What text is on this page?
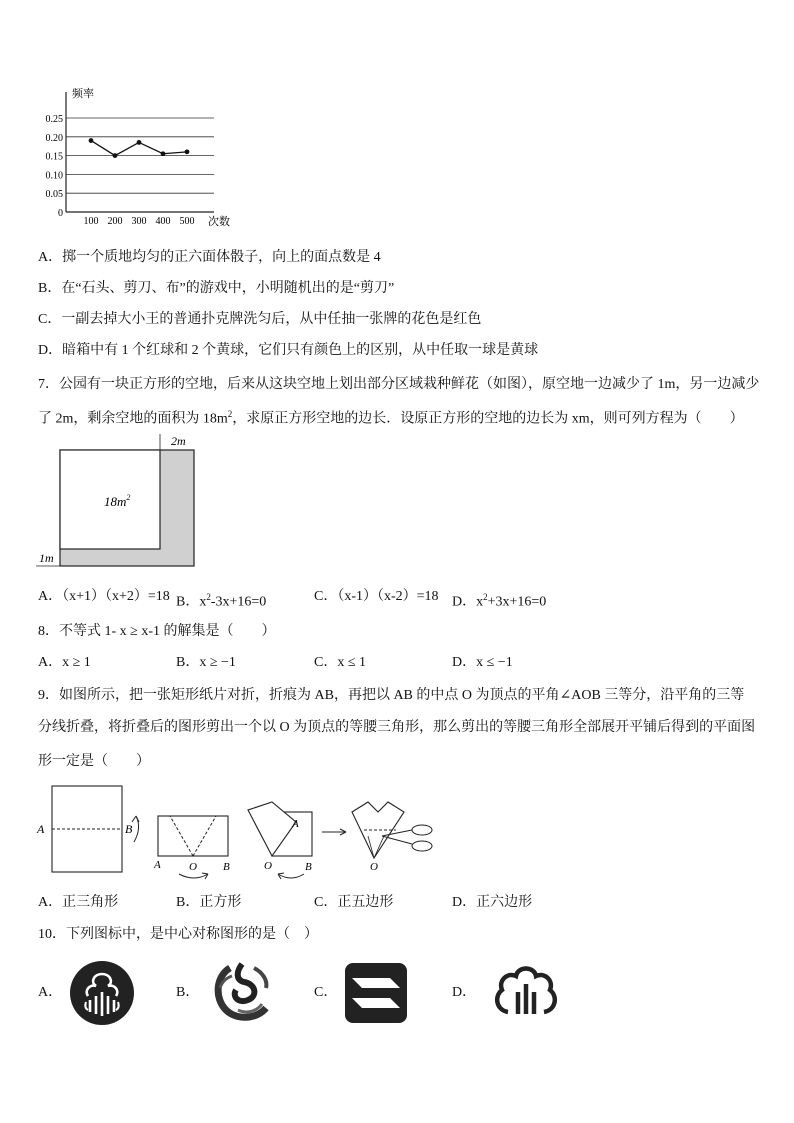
0.25
0.20
0.15
0.10
0.05
0
100 200 300 400 500
频率
次数
A．掷一个质地均匀的正六面体骰子，向上的面点数是 4
B．在“石头、剪刀、布”的游戏中，小明随机出的是“剪刀”
C．一副去掉大小王的普通扑克牌洗匀后，从中任抽一张牌的花色是红色
D．暗箱中有 1 个红球和 2 个黄球，它们只有颜色上的区别，从中任取一球是黄球
7．公园有一块正方形的空地，后来从这块空地上划出部分区域栽种鲜花（如图），原空地一边减少了 1m，另一边减少
了 2m，剩余空地的面积为 $18m^2$，求原正方形空地的边长．设原正方形的空地的边长为 xm，则可列方程为（　　）
$18m^2$
2m
1m
A．（x+1）（x+2）=18 B．$x^2-3x+16=0$	C．（x-1）（x-2）=18 D．$x^2+3x+16=0$
8．不等式 1- x ≥ x-1 的解集是（　　）
A．x ≥ 1	B．x ≥ −1	C．x ≤ 1	D．x ≤ −1
9．如图所示，把一张矩形纸片对折，折痕为 AB，再把以 AB 的中点 O 为顶点的平角∠AOB 三等分，沿平角的三等
分线折叠，将折叠后的图形剪出一个以 O 为顶点的等腰三角形，那么剪出的等腰三角形全部展开平铺后得到的平面图
形一定是（　　）
A	B
A	O B
A
O	B	O
A．正三角形	B．正方形	C．正五边形	D．正六边形
10．下列图标中，是中心对称图形的是（　）
A．	B．	C．	D．
